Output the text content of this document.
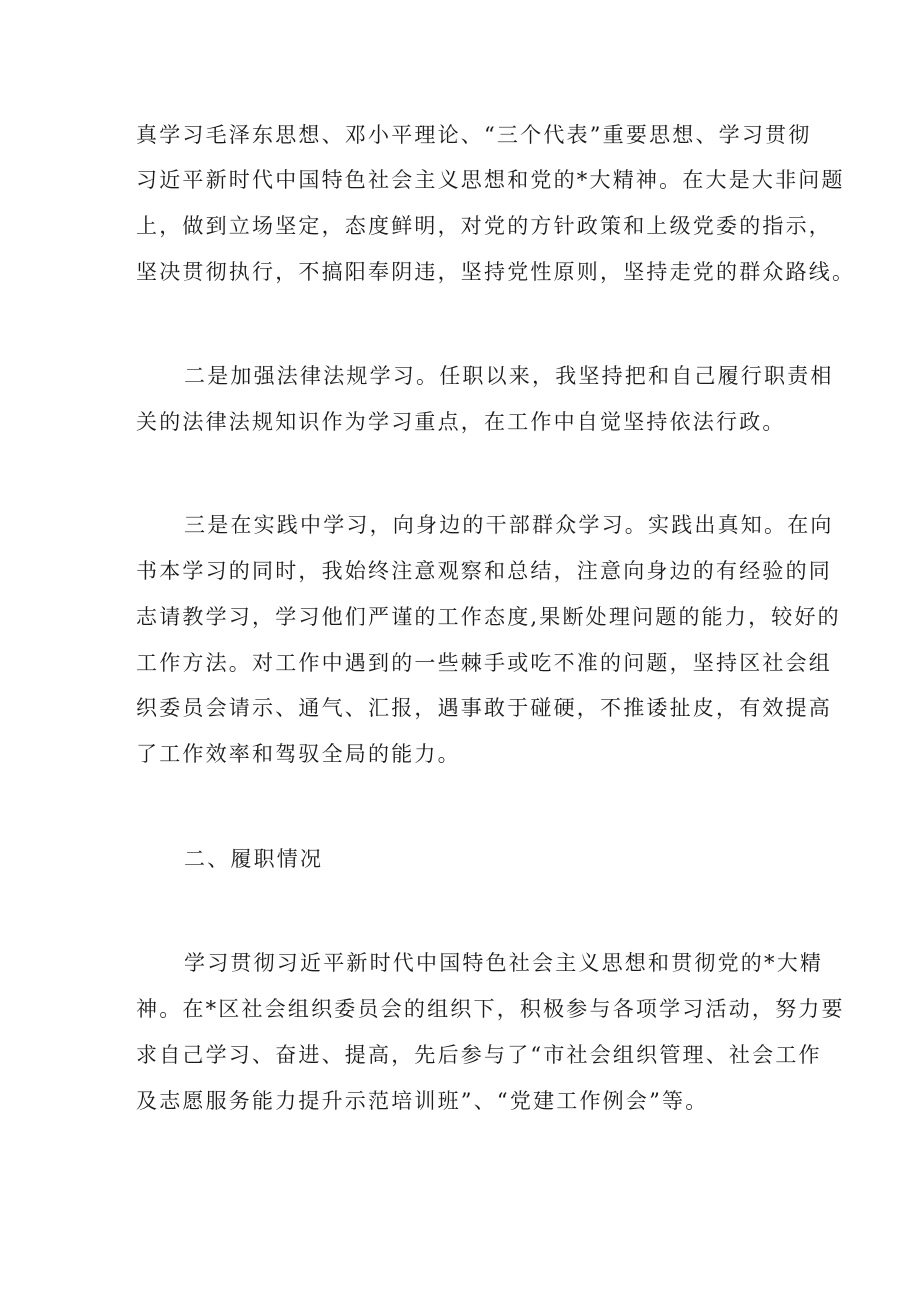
真学习毛泽东思想、邓小平理论、“三个代表”重要思想、学习贯彻
习近平新时代中国特色社会主义思想和党的*大精神。在大是大非问题
上，做到立场坚定，态度鲜明，对党的方针政策和上级党委的指示，
坚决贯彻执行，不搞阳奉阴违，坚持党性原则，坚持走党的群众路线。
二是加强法律法规学习。任职以来，我坚持把和自己履行职责相
关的法律法规知识作为学习重点，在工作中自觉坚持依法行政。
三是在实践中学习，向身边的干部群众学习。实践出真知。在向
书本学习的同时，我始终注意观察和总结，注意向身边的有经验的同
志请教学习，学习他们严谨的工作态度,果断处理问题的能力，较好的
工作方法。对工作中遇到的一些棘手或吃不准的问题，坚持区社会组
织委员会请示、通气、汇报，遇事敢于碰硬，不推诿扯皮，有效提高
了工作效率和驾驭全局的能力。
二、履职情况
学习贯彻习近平新时代中国特色社会主义思想和贯彻党的*大精
神。在*区社会组织委员会的组织下，积极参与各项学习活动，努力要
求自己学习、奋进、提高，先后参与了“市社会组织管理、社会工作
及志愿服务能力提升示范培训班”、“党建工作例会”等。
